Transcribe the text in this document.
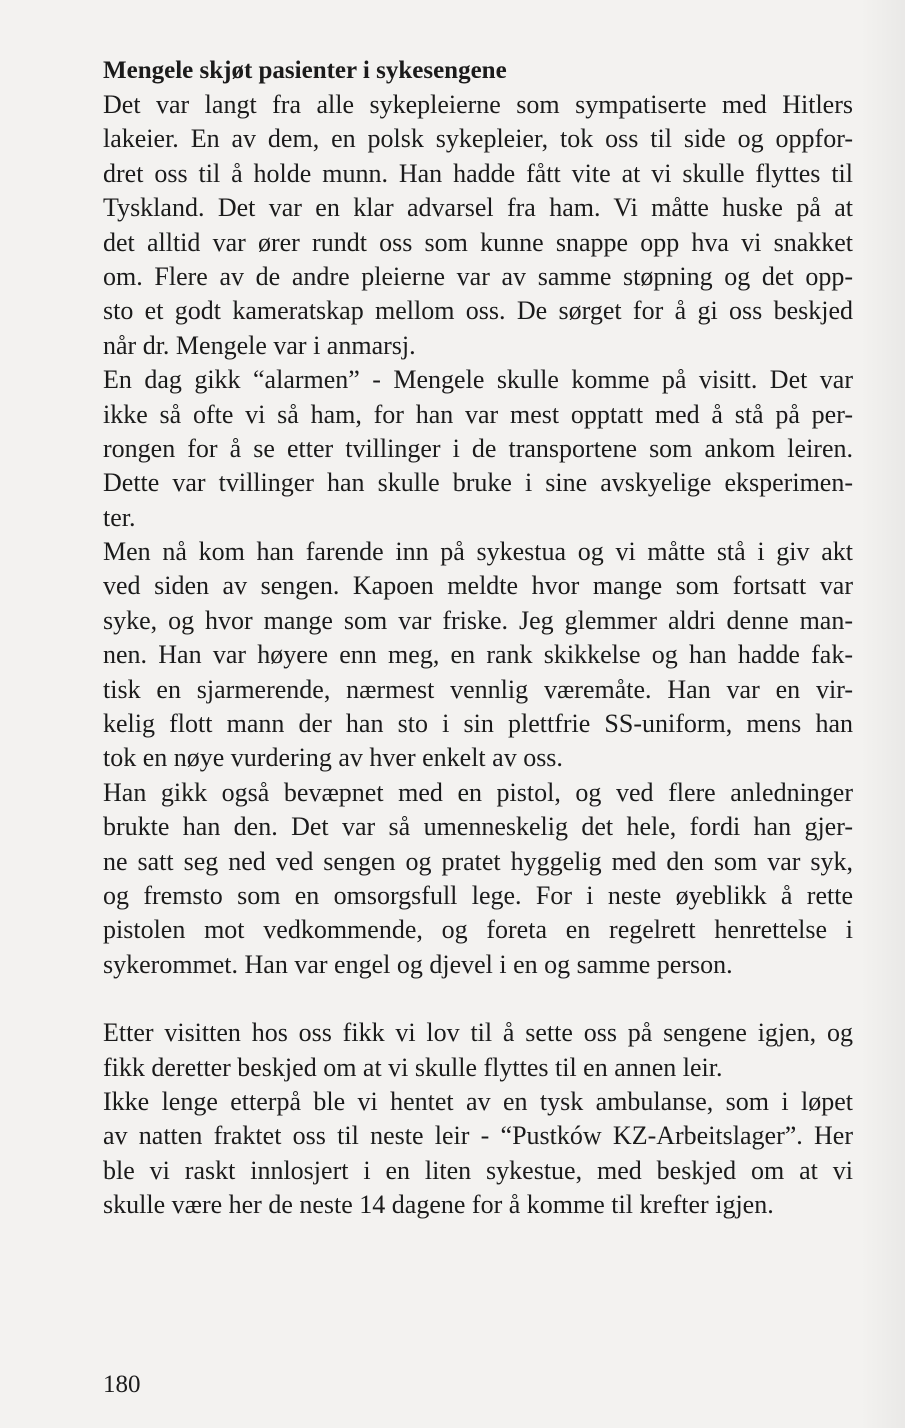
Mengele skjøt pasienter i sykesengene
Det var langt fra alle sykepleierne som sympatiserte med Hitlers
lakeier. En av dem, en polsk sykepleier, tok oss til side og oppfor-
dret oss til å holde munn. Han hadde fått vite at vi skulle flyttes til
Tyskland. Det var en klar advarsel fra ham. Vi måtte huske på at
det alltid var ører rundt oss som kunne snappe opp hva vi snakket
om. Flere av de andre pleierne var av samme støpning og det opp-
sto et godt kameratskap mellom oss. De sørget for å gi oss beskjed
når dr. Mengele var i anmarsj.
En dag gikk “alarmen” - Mengele skulle komme på visitt. Det var
ikke så ofte vi så ham, for han var mest opptatt med å stå på per-
rongen for å se etter tvillinger i de transportene som ankom leiren.
Dette var tvillinger han skulle bruke i sine avskyelige eksperimen-
ter.
Men nå kom han farende inn på sykestua og vi måtte stå i giv akt
ved siden av sengen. Kapoen meldte hvor mange som fortsatt var
syke, og hvor mange som var friske. Jeg glemmer aldri denne man-
nen. Han var høyere enn meg, en rank skikkelse og han hadde fak-
tisk en sjarmerende, nærmest vennlig væremåte. Han var en vir-
kelig flott mann der han sto i sin plettfrie SS-uniform, mens han
tok en nøye vurdering av hver enkelt av oss.
Han gikk også bevæpnet med en pistol, og ved flere anledninger
brukte han den. Det var så umenneskelig det hele, fordi han gjer-
ne satt seg ned ved sengen og pratet hyggelig med den som var syk,
og fremsto som en omsorgsfull lege. For i neste øyeblikk å rette
pistolen mot vedkommende, og foreta en regelrett henrettelse i
sykerommet. Han var engel og djevel i en og samme person.
Etter visitten hos oss fikk vi lov til å sette oss på sengene igjen, og
fikk deretter beskjed om at vi skulle flyttes til en annen leir.
Ikke lenge etterpå ble vi hentet av en tysk ambulanse, som i løpet
av natten fraktet oss til neste leir - “Pustków KZ-Arbeitslager”. Her
ble vi raskt innlosjert i en liten sykestue, med beskjed om at vi
skulle være her de neste 14 dagene for å komme til krefter igjen.
180
